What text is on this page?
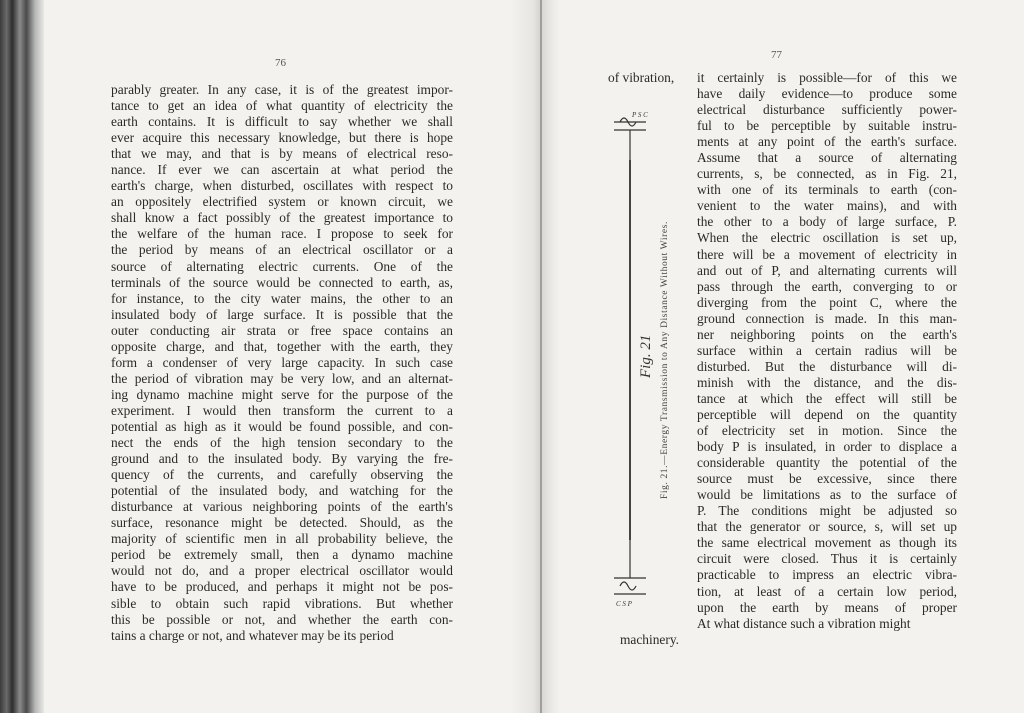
76
parably greater. In any case, it is of the greatest impor-
tance to get an idea of what quantity of electricity the
earth contains. It is difficult to say whether we shall
ever acquire this necessary knowledge, but there is hope
that we may, and that is by means of electrical reso-
nance. If ever we can ascertain at what period the
earth's charge, when disturbed, oscillates with respect to
an oppositely electrified system or known circuit, we
shall know a fact possibly of the greatest importance to
the welfare of the human race. I propose to seek for
the period by means of an electrical oscillator or a
source of alternating electric currents. One of the
terminals of the source would be connected to earth, as,
for instance, to the city water mains, the other to an
insulated body of large surface. It is possible that the
outer conducting air strata or free space contains an
opposite charge, and that, together with the earth, they
form a condenser of very large capacity. In such case
the period of vibration may be very low, and an alternat-
ing dynamo machine might serve for the purpose of the
experiment. I would then transform the current to a
potential as high as it would be found possible, and con-
nect the ends of the high tension secondary to the
ground and to the insulated body. By varying the fre-
quency of the currents, and carefully observing the
potential of the insulated body, and watching for the
disturbance at various neighboring points of the earth's
surface, resonance might be detected. Should, as the
majority of scientific men in all probability believe, the
period be extremely small, then a dynamo machine
would not do, and a proper electrical oscillator would
have to be produced, and perhaps it might not be pos-
sible to obtain such rapid vibrations. But whether
this be possible or not, and whether the earth con-
tains a charge or not, and whatever may be its period
77
of vibration,
machinery.
it certainly is possible—for of this we
have daily evidence—to produce some
electrical disturbance sufficiently power-
ful to be perceptible by suitable instru-
ments at any point of the earth's surface.
Assume that a source of alternating
currents, s, be connected, as in Fig. 21,
with one of its terminals to earth (con-
venient to the water mains), and with
the other to a body of large surface, P.
When the electric oscillation is set up,
there will be a movement of electricity in
and out of P, and alternating currents will
pass through the earth, converging to or
diverging from the point C, where the
ground connection is made. In this man-
ner neighboring points on the earth's
surface within a certain radius will be
disturbed. But the disturbance will di-
minish with the distance, and the dis-
tance at which the effect will still be
perceptible will depend on the quantity
of electricity set in motion. Since the
body P is insulated, in order to displace a
considerable quantity the potential of the
source must be excessive, since there
would be limitations as to the surface of
P. The conditions might be adjusted so
that the generator or source, s, will set up
the same electrical movement as though its
circuit were closed. Thus it is certainly
practicable to impress an electric vibra-
tion, at least of a certain low period,
upon the earth by means of proper
At what distance such a vibration might
P S C
C S P
Fig. 21 Fig. 21.—Energy Transmission to Any Distance Without Wires.
